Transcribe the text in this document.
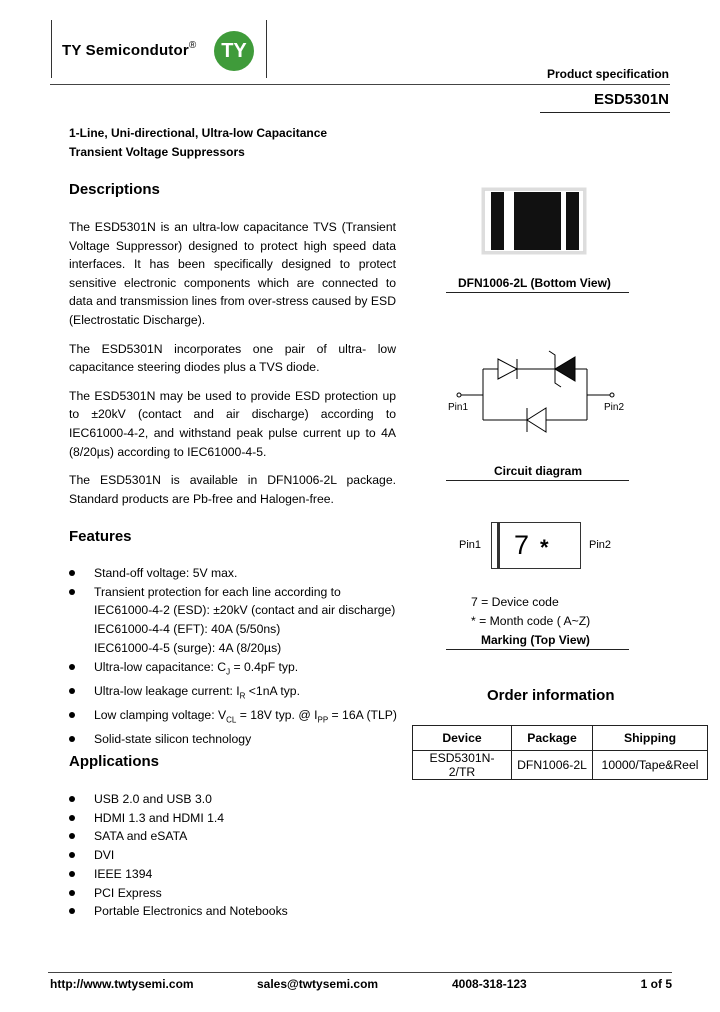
TY Semicondutor®	TY
Product specification
ESD5301N
1-Line, Uni-directional, Ultra-low Capacitance
Transient Voltage Suppressors
Descriptions

The ESD5301N is an ultra-low capacitance TVS (Transient Voltage Suppressor) designed to protect high speed data interfaces. It has been specifically designed to protect sensitive electronic components which are connected to data and transmission lines from over-stress caused by ESD (Electrostatic Discharge).

The ESD5301N incorporates one pair of ultra- low capacitance steering diodes plus a TVS diode.

The ESD5301N may be used to provide ESD protection up to ±20kV (contact and air discharge) according to IEC61000-4-2, and withstand peak pulse current up to 4A (8/20µs) according to IEC61000-4-5.

The ESD5301N is available in DFN1006-2L package. Standard products are Pb-free and Halogen-free.

Features
Stand-off voltage: 5V max.
Transient protection for each line according to
IEC61000-4-2 (ESD): ±20kV (contact and air discharge)
IEC61000-4-4 (EFT): 40A (5/50ns)
IEC61000-4-5 (surge): 4A (8/20µs)
Ultra-low capacitance: $C_J = 0.4pF$ typ.
Ultra-low leakage current: $I_R <1nA$ typ.
Low clamping voltage: $V_{CL} = 18V$ typ. @ $I_{PP} = 16A$ (TLP)
Solid-state silicon technology
Applications
USB 2.0 and USB 3.0
HDMI 1.3 and HDMI 1.4
SATA and eSATA
DVI
IEEE 1394
PCI Express
Portable Electronics and Notebooks
DFN1006-2L (Bottom View)
Pin1	Pin2
Circuit diagram
Pin1 7 *	Pin2
7 = Device code
* = Month code ( A~Z)
Marking (Top View)
Order information
Device	Package	Shipping
ESD5301N-2/TR	DFN1006-2L	10000/Tape&Reel
http://www.twtysemi.com	sales@twtysemi.com	4008-318-123	1 of 5
